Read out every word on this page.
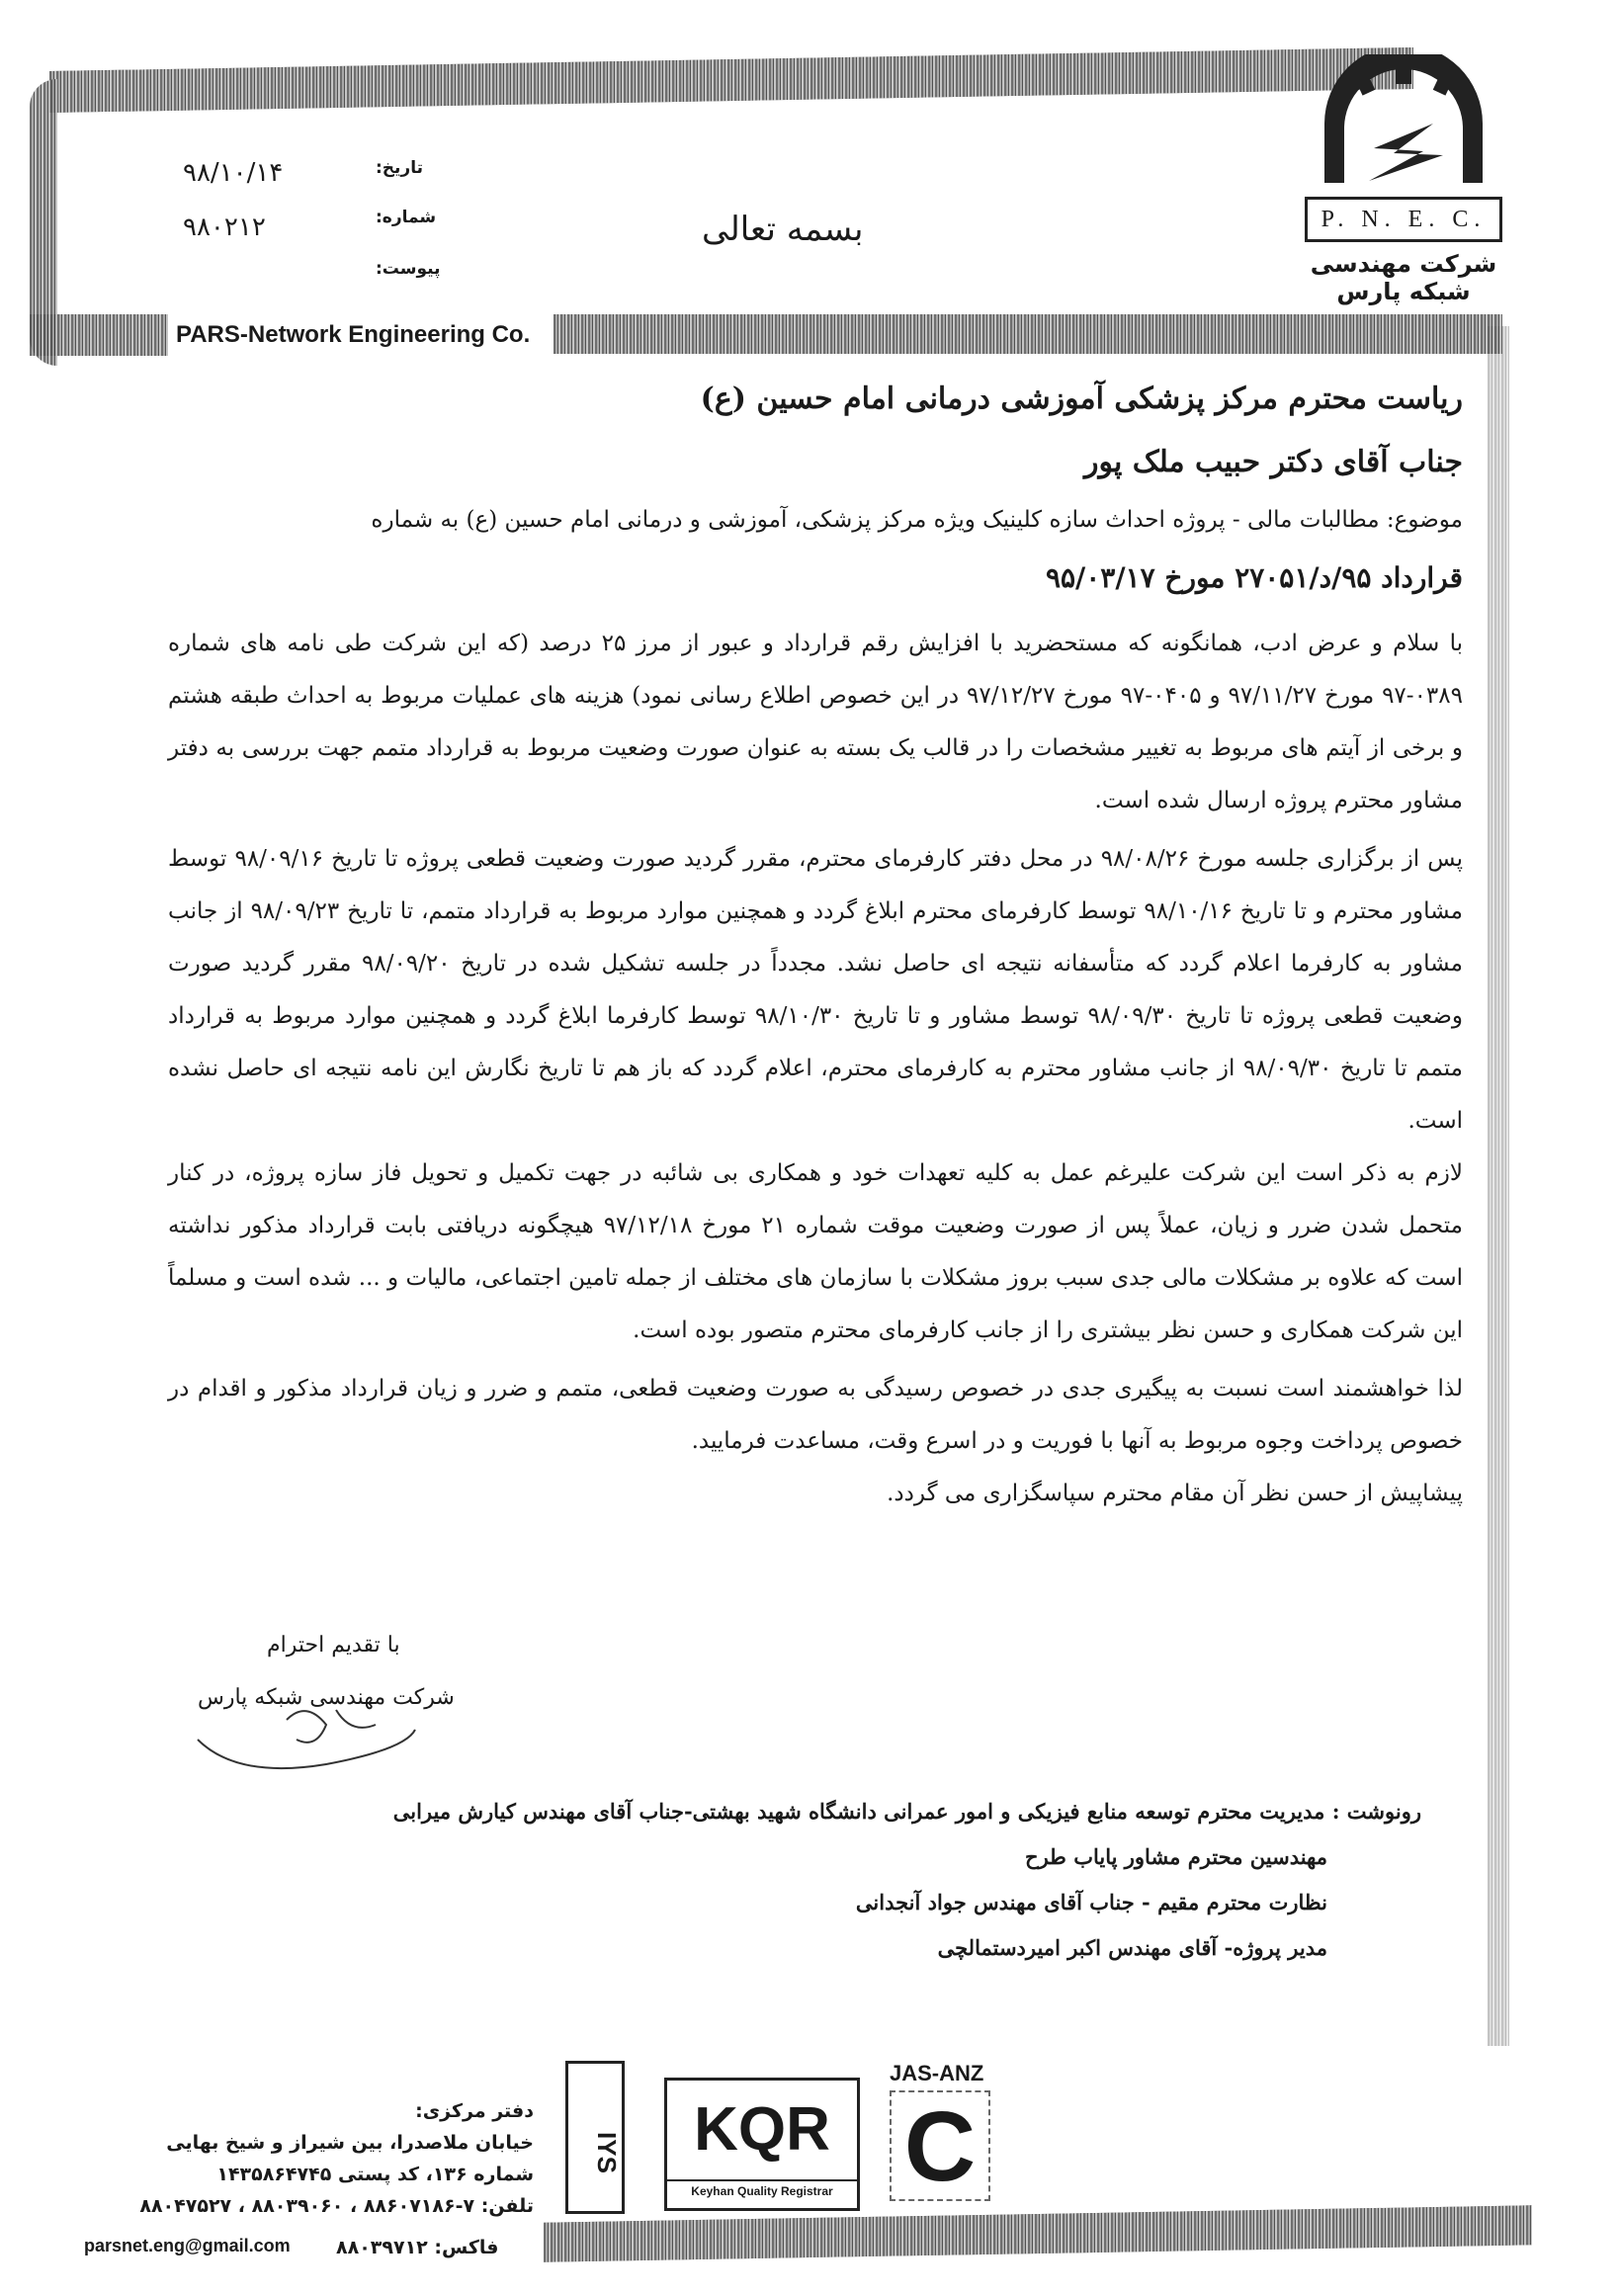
PARS-Network Engineering Co.
P. N. E. C.
شرکت مهندسی شبکه پارس
بسمه تعالی
تاریخ:
۹۸/۱۰/۱۴
شماره:
۹۸۰۲۱۲
پیوست:
ریاست محترم مرکز پزشکی آموزشی درمانی امام حسین (ع)
جناب آقای دکتر حبیب ملک پور
موضوع: مطالبات مالی - پروژه احداث سازه کلینیک ویژه مرکز پزشکی، آموزشی و درمانی امام حسین (ع) به شماره
قرارداد ۹۵/د/۲۷۰۵۱ مورخ ۹۵/۰۳/۱۷

با سلام و عرض ادب، همانگونه که مستحضرید با افزایش رقم قرارداد و عبور از مرز ۲۵ درصد (که این شرکت طی نامه های شماره ۰۳۸۹-۹۷ مورخ ۹۷/۱۱/۲۷ و ۰۴۰۵-۹۷ مورخ ۹۷/۱۲/۲۷ در این خصوص اطلاع رسانی نمود) هزینه های عملیات مربوط به احداث طبقه هشتم و برخی از آیتم های مربوط به تغییر مشخصات را در قالب یک بسته به عنوان صورت وضعیت مربوط به قرارداد متمم جهت بررسی به دفتر مشاور محترم پروژه ارسال شده است.

پس از برگزاری جلسه مورخ ۹۸/۰۸/۲۶ در محل دفتر کارفرمای محترم، مقرر گردید صورت وضعیت قطعی پروژه تا تاریخ ۹۸/۰۹/۱۶ توسط مشاور محترم و تا تاریخ ۹۸/۱۰/۱۶ توسط کارفرمای محترم ابلاغ گردد و همچنین موارد مربوط به قرارداد متمم، تا تاریخ ۹۸/۰۹/۲۳ از جانب مشاور به کارفرما اعلام گردد که متأسفانه نتیجه ای حاصل نشد. مجدداً در جلسه تشکیل شده در تاریخ ۹۸/۰۹/۲۰ مقرر گردید صورت وضعیت قطعی پروژه تا تاریخ ۹۸/۰۹/۳۰ توسط مشاور و تا تاریخ ۹۸/۱۰/۳۰ توسط کارفرما ابلاغ گردد و همچنین موارد مربوط به قرارداد متمم تا تاریخ ۹۸/۰۹/۳۰ از جانب مشاور محترم به کارفرمای محترم، اعلام گردد که باز هم تا تاریخ نگارش این نامه نتیجه ای حاصل نشده است.

لازم به ذکر است این شرکت علیرغم عمل به کلیه تعهدات خود و همکاری بی شائبه در جهت تکمیل و تحویل فاز سازه پروژه، در کنار متحمل شدن ضرر و زیان، عملاً پس از صورت وضعیت موقت شماره ۲۱ مورخ ۹۷/۱۲/۱۸ هیچگونه دریافتی بابت قرارداد مذکور نداشته است که علاوه بر مشکلات مالی جدی سبب بروز مشکلات با سازمان های مختلف از جمله تامین اجتماعی، مالیات و ... شده است و مسلماً این شرکت همکاری و حسن نظر بیشتری را از جانب کارفرمای محترم متصور بوده است.

لذا خواهشمند است نسبت به پیگیری جدی در خصوص رسیدگی به صورت وضعیت قطعی، متمم و ضرر و زیان قرارداد مذکور و اقدام در خصوص پرداخت وجوه مربوط به آنها با فوریت و در اسرع وقت، مساعدت فرمایید.

پیشاپیش از حسن نظر آن مقام محترم سپاسگزاری می گردد.

با تقدیم احترام
شرکت مهندسی شبکه پارس
رونوشت : مدیریت محترم توسعه منابع فیزیکی و امور عمرانی دانشگاه شهید بهشتی-جناب آقای مهندس کیارش میرابی
مهندسین محترم مشاور پایاب طرح
نظارت محترم مقیم - جناب آقای مهندس جواد آنجدانی
مدیر پروژه- آقای مهندس اکبر امیردستمالچی
دفتر مرکزی:
خیابان ملاصدرا، بین شیراز و شیخ بهایی
شماره ۱۳۶، کد پستی ۱۴۳۵۸۶۴۷۴۵
تلفن: ۷-۸۸۶۰۷۱۸۶ ، ۸۸۰۳۹۰۶۰ ، ۸۸۰۴۷۵۲۷
فاکس: ۸۸۰۳۹۷۱۲
parsnet.eng@gmail.com
IYS	KQR
Keyhan Quality Registrar
JAS-ANZ
C
